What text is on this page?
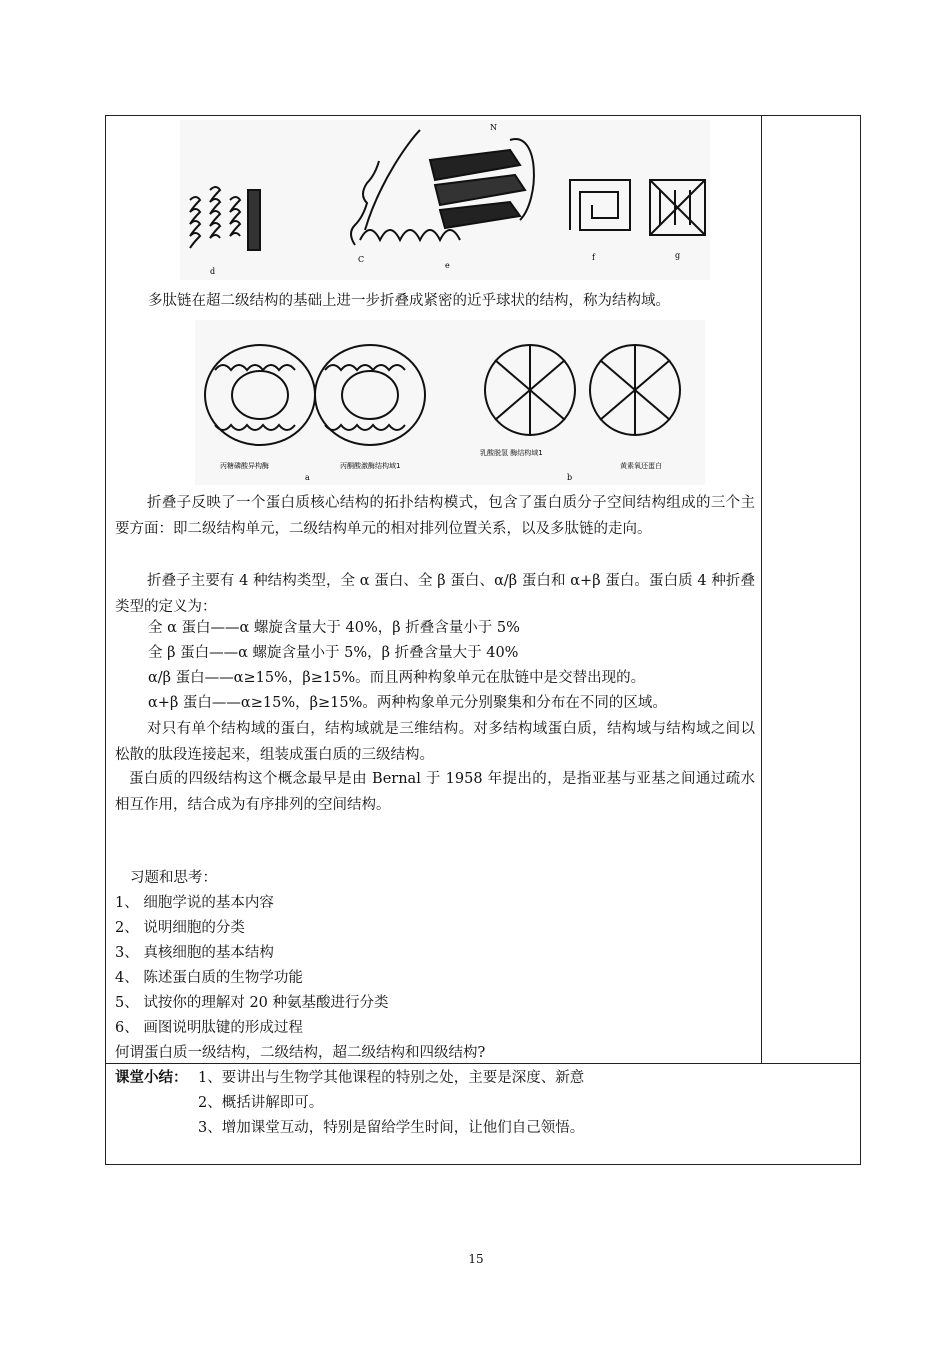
d
C
e
f	g
N
多肽链在超二级结构的基础上进一步折叠成紧密的近乎球状的结构，称为结构域。
丙糖磷酸异构酶	丙酮酸激酶结构域1
乳酸脱氢 酶结构域1
黄素氧还蛋白
a	b
折叠子反映了一个蛋白质核心结构的拓扑结构模式，包含了蛋白质分子空间结构组成的三个主要方面：即二级结构单元，二级结构单元的相对排列位置关系，以及多肽链的走向。
折叠子主要有 4 种结构类型，全 α 蛋白、全 β 蛋白、α/β 蛋白和 α+β 蛋白。蛋白质 4 种折叠类型的定义为：
全 α 蛋白——α 螺旋含量大于 40%，β 折叠含量小于 5%
全 β 蛋白——α 螺旋含量小于 5%，β 折叠含量大于 40%
α/β 蛋白——α≥15%，β≥15%。而且两种构象单元在肽链中是交替出现的。
α+β 蛋白——α≥15%，β≥15%。两种构象单元分别聚集和分布在不同的区域。
对只有单个结构域的蛋白，结构域就是三维结构。对多结构域蛋白质，结构域与结构域之间以松散的肽段连接起来，组装成蛋白质的三级结构。
蛋白质的四级结构这个概念最早是由 Bernal 于 1958 年提出的，是指亚基与亚基之间通过疏水相互作用，结合成为有序排列的空间结构。
习题和思考：
1、 细胞学说的基本内容
2、 说明细胞的分类
3、 真核细胞的基本结构
4、 陈述蛋白质的生物学功能
5、 试按你的理解对 20 种氨基酸进行分类
6、 画图说明肽键的形成过程
何谓蛋白质一级结构，二级结构，超二级结构和四级结构?
课堂小结： 1、要讲出与生物学其他课程的特别之处，主要是深度、新意
2、概括讲解即可。
3、增加课堂互动，特别是留给学生时间，让他们自己领悟。
15
